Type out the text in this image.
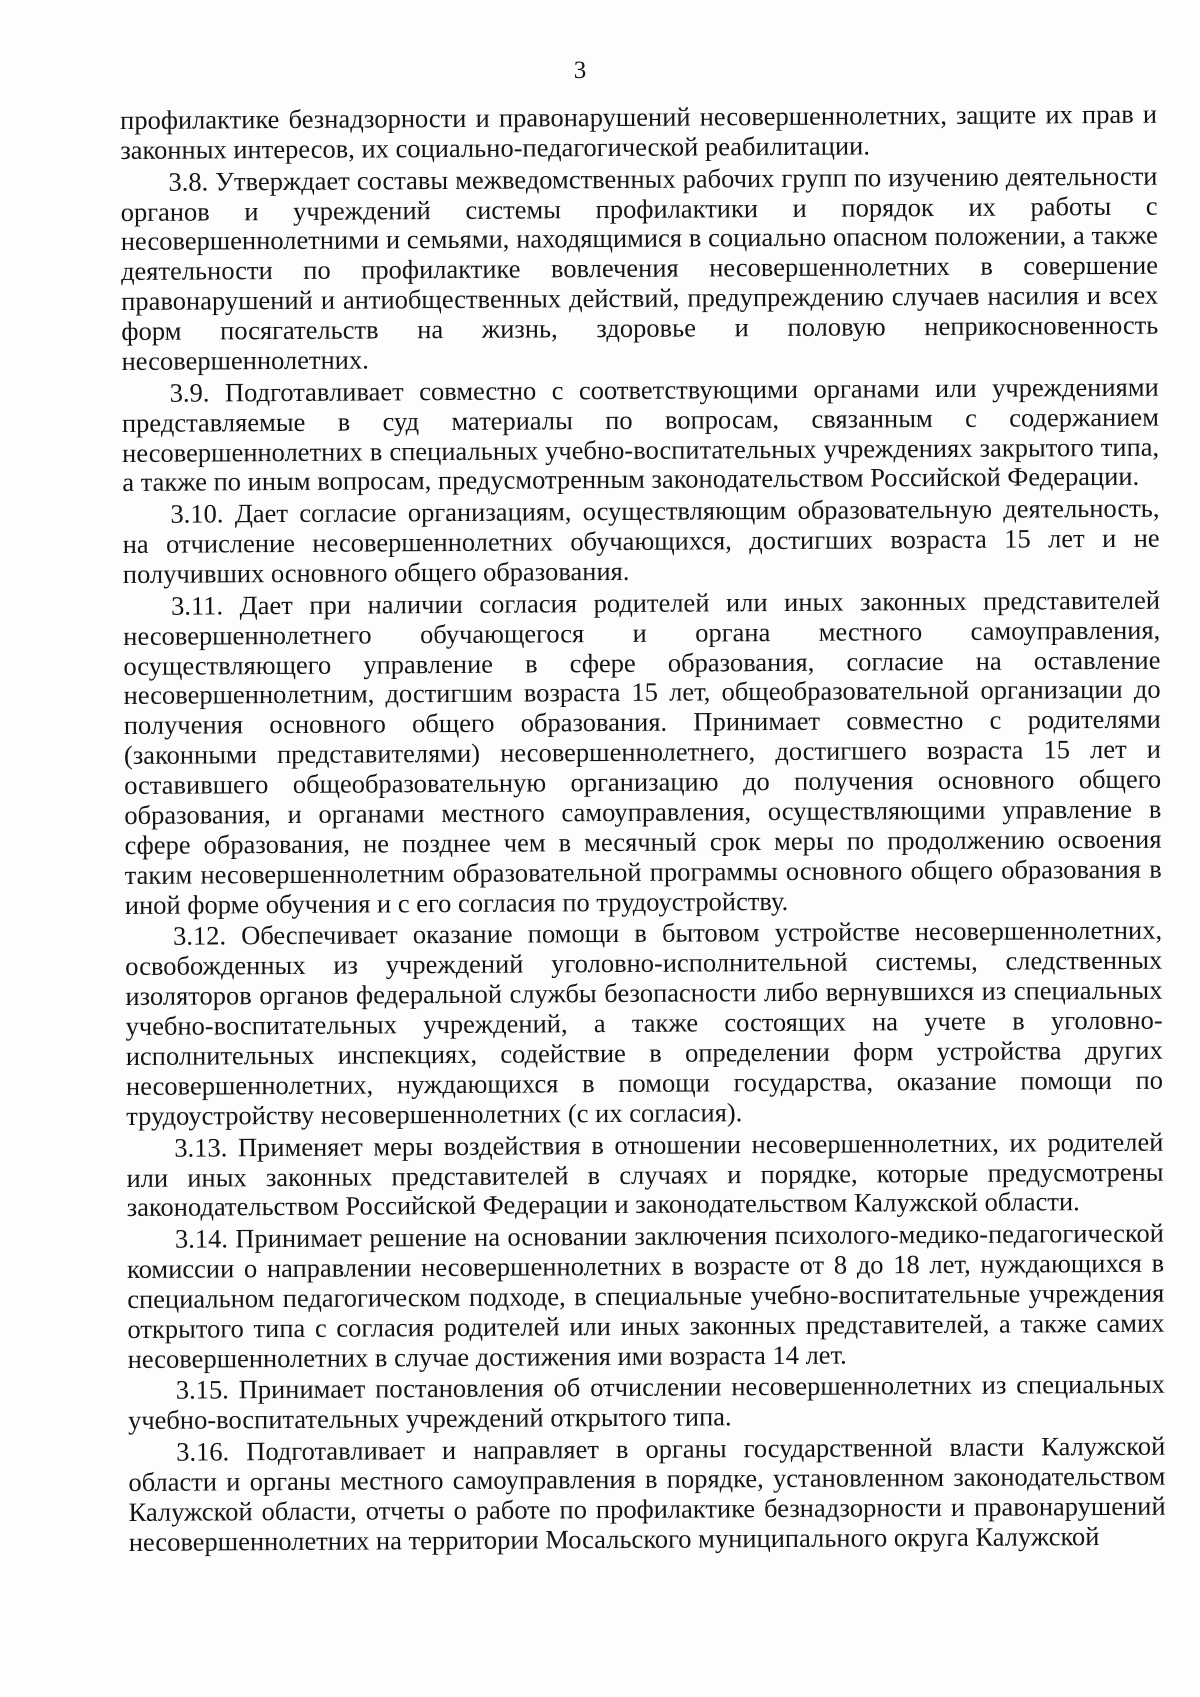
3

профилактике безнадзорности и правонарушений несовершеннолетних, защите их прав и законных интересов, их социально-педагогической реабилитации.

3.8. Утверждает составы межведомственных рабочих групп по изучению деятельности органов и учреждений системы профилактики и порядок их работы с несовершеннолетними и семьями, находящимися в социально опасном положении, а также деятельности по профилактике вовлечения несовершеннолетних в совершение правонарушений и антиобщественных действий, предупреждению случаев насилия и всех форм посягательств на жизнь, здоровье и половую неприкосновенность несовершеннолетних.

3.9. Подготавливает совместно с соответствующими органами или учреждениями представляемые в суд материалы по вопросам, связанным с содержанием несовершеннолетних в специальных учебно-воспитательных учреждениях закрытого типа, а также по иным вопросам, предусмотренным законодательством Российской Федерации.

3.10. Дает согласие организациям, осуществляющим образовательную деятельность, на отчисление несовершеннолетних обучающихся, достигших возраста 15 лет и не получивших основного общего образования.

3.11. Дает при наличии согласия родителей или иных законных представителей несовершеннолетнего обучающегося и органа местного самоуправления, осуществляющего управление в сфере образования, согласие на оставление несовершеннолетним, достигшим возраста 15 лет, общеобразовательной организации до получения основного общего образования. Принимает совместно с родителями (законными представителями) несовершеннолетнего, достигшего возраста 15 лет и оставившего общеобразовательную организацию до получения основного общего образования, и органами местного самоуправления, осуществляющими управление в сфере образования, не позднее чем в месячный срок меры по продолжению освоения таким несовершеннолетним образовательной программы основного общего образования в иной форме обучения и с его согласия по трудоустройству.

3.12. Обеспечивает оказание помощи в бытовом устройстве несовершеннолетних, освобожденных из учреждений уголовно-исполнительной системы, следственных изоляторов органов федеральной службы безопасности либо вернувшихся из специальных учебно-воспитательных учреждений, а также состоящих на учете в уголовно-исполнительных инспекциях, содействие в определении форм устройства других несовершеннолетних, нуждающихся в помощи государства, оказание помощи по трудоустройству несовершеннолетних (с их согласия).

3.13. Применяет меры воздействия в отношении несовершеннолетних, их родителей или иных законных представителей в случаях и порядке, которые предусмотрены законодательством Российской Федерации и законодательством Калужской области.

3.14. Принимает решение на основании заключения психолого-медико-педагогической комиссии о направлении несовершеннолетних в возрасте от 8 до 18 лет, нуждающихся в специальном педагогическом подходе, в специальные учебно-воспитательные учреждения открытого типа с согласия родителей или иных законных представителей, а также самих несовершеннолетних в случае достижения ими возраста 14 лет.

3.15. Принимает постановления об отчислении несовершеннолетних из специальных учебно-воспитательных учреждений открытого типа.

3.16. Подготавливает и направляет в органы государственной власти Калужской области и органы местного самоуправления в порядке, установленном законодательством Калужской области, отчеты о работе по профилактике безнадзорности и правонарушений несовершеннолетних на территории Мосальского муниципального округа Калужской
